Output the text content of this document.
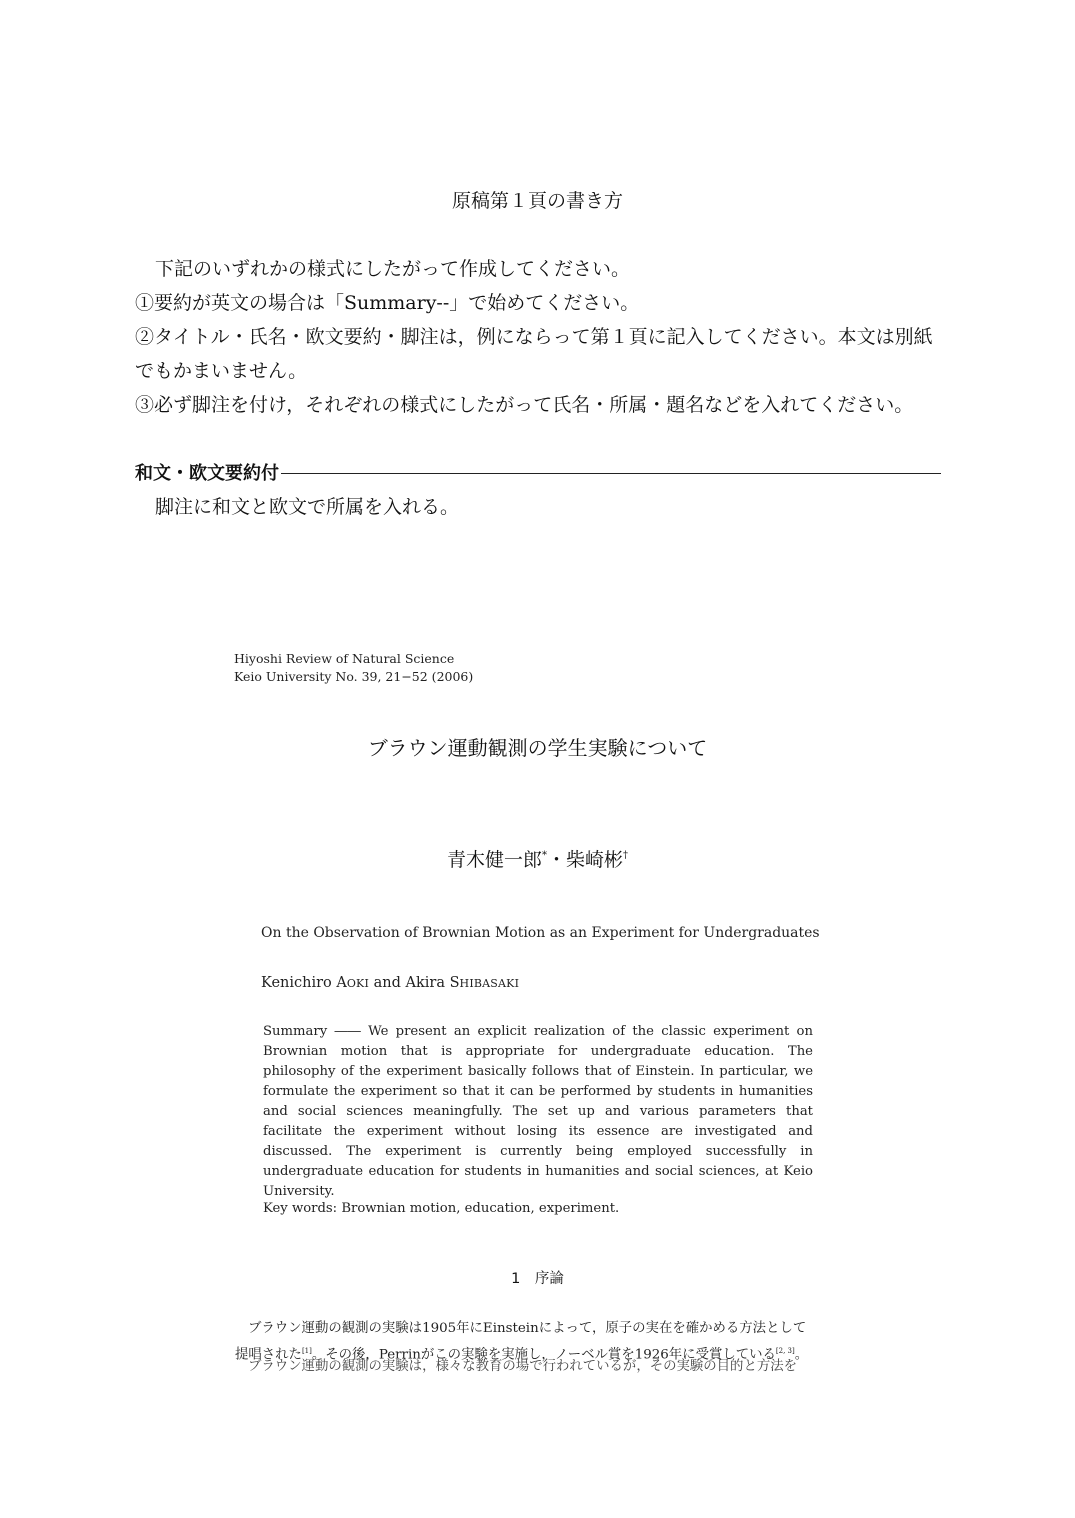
原稿第１頁の書き方

下記のいずれかの様式にしたがって作成してください。

①要約が英文の場合は「Summary--」で始めてください。

②タイトル・氏名・欧文要約・脚注は，例にならって第１頁に記入してください。本文は別紙

でもかまいません。

③必ず脚注を付け，それぞれの様式にしたがって氏名・所属・題名などを入れてください。

和文・欧文要約付
脚注に和文と欧文で所属を入れる。
Hiyoshi Review of Natural Science
Keio University No. 39, 21−52 (2006)
ブラウン運動観測の学生実験について
青木健一郎*・柴崎彬†
On the Observation of Brownian Motion as an Experiment for Undergraduates
Kenichiro AOKI and Akira SHIBASAKI
Summary ―― We present an explicit realization of the classic experiment on Brownian motion that is appropriate for undergraduate education. The philosophy of the experiment basically follows that of Einstein. In particular, we formulate the experiment so that it can be performed by students in humanities and social sciences meaningfully. The set up and various parameters that facilitate the experiment without losing its essence are investigated and discussed. The experiment is currently being employed successfully in undergraduate education for students in humanities and social sciences, at Keio University.
Key words: Brownian motion, education, experiment.
1　序論

ブラウン運動の観測の実験は1905年にEinsteinによって，原子の実在を確かめる方法として

提唱された[1]。その後，Perrinがこの実験を実施し，ノーベル賞を1926年に受賞している[2, 3]。

ブラウン運動の観測の実験は，様々な教育の場で行われているが，その実験の目的と方法を
